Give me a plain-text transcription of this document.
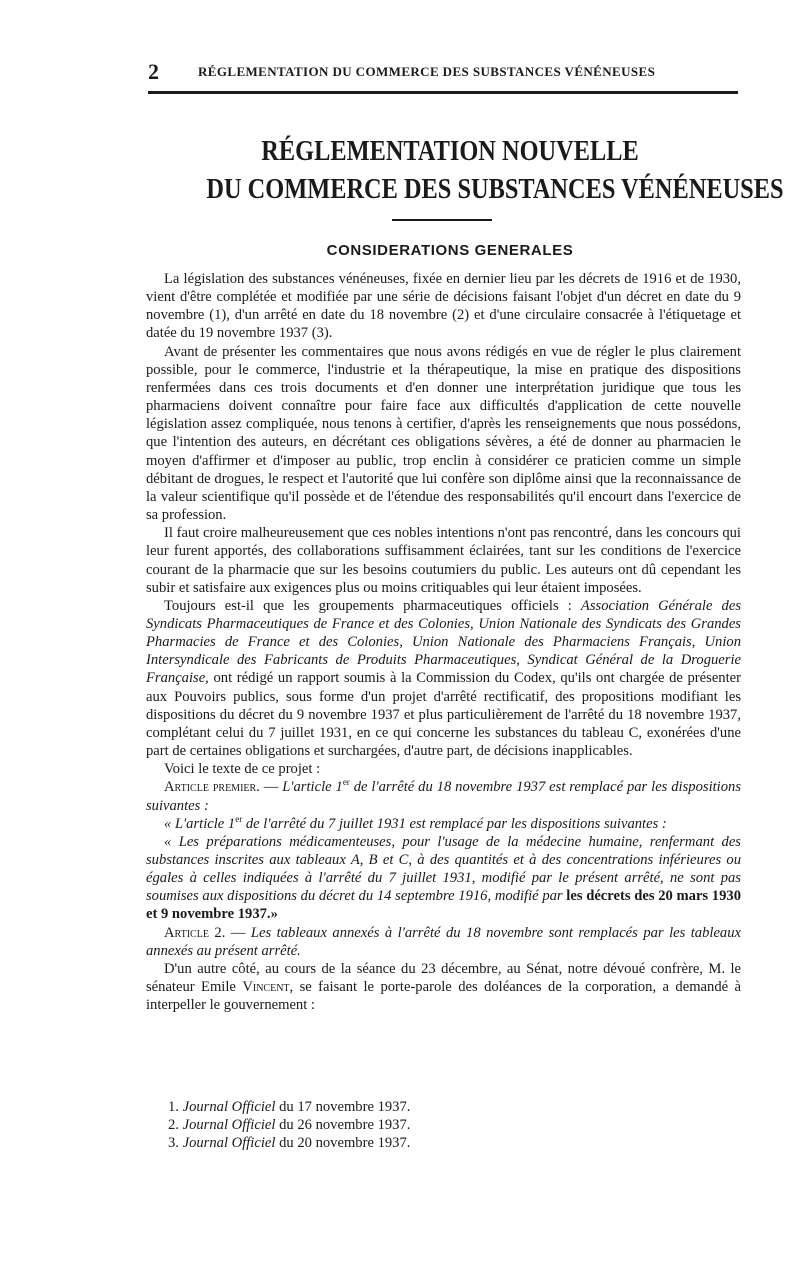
2	RÉGLEMENTATION DU COMMERCE DES SUBSTANCES VÉNÉNEUSES
RÉGLEMENTATION NOUVELLE
DU COMMERCE DES SUBSTANCES VÉNÉNEUSES
CONSIDERATIONS GENERALES

La législation des substances vénéneuses, fixée en dernier lieu par les décrets de 1916 et de 1930, vient d'être complétée et modifiée par une série de décisions faisant l'objet d'un décret en date du 9 novembre (1), d'un arrêté en date du 18 novembre (2) et d'une circulaire consacrée à l'étiquetage et datée du 19 novembre 1937 (3).

Avant de présenter les commentaires que nous avons rédigés en vue de régler le plus clairement possible, pour le commerce, l'industrie et la thérapeutique, la mise en pratique des dispositions renfermées dans ces trois documents et d'en donner une interprétation juridique que tous les pharmaciens doivent connaître pour faire face aux difficultés d'application de cette nouvelle législation assez compliquée, nous tenons à certifier, d'après les renseignements que nous possédons, que l'intention des auteurs, en décrétant ces obligations sévères, a été de donner au pharmacien le moyen d'affirmer et d'imposer au public, trop enclin à considérer ce praticien comme un simple débitant de drogues, le respect et l'autorité que lui confère son diplôme ainsi que la reconnaissance de la valeur scientifique qu'il possède et de l'étendue des responsabilités qu'il encourt dans l'exercice de sa profession.

Il faut croire malheureusement que ces nobles intentions n'ont pas rencontré, dans les concours qui leur furent apportés, des collaborations suffisamment éclairées, tant sur les conditions de l'exercice courant de la pharmacie que sur les besoins coutumiers du public. Les auteurs ont dû cependant les subir et satisfaire aux exigences plus ou moins critiquables qui leur étaient imposées.

Toujours est-il que les groupements pharmaceutiques officiels : Association Générale des Syndicats Pharmaceutiques de France et des Colonies, Union Nationale des Syndicats des Grandes Pharmacies de France et des Colonies, Union Nationale des Pharmaciens Français, Union Intersyndicale des Fabricants de Produits Pharmaceutiques, Syndicat Général de la Droguerie Française, ont rédigé un rapport soumis à la Commission du Codex, qu'ils ont chargée de présenter aux Pouvoirs publics, sous forme d'un projet d'arrêté rectificatif, des propositions modifiant les dispositions du décret du 9 novembre 1937 et plus particulièrement de l'arrêté du 18 novembre 1937, complétant celui du 7 juillet 1931, en ce qui concerne les substances du tableau C, exonérées d'une part de certaines obligations et surchargées, d'autre part, de décisions inapplicables.

Voici le texte de ce projet :

Article premier. — L'article 1er de l'arrêté du 18 novembre 1937 est remplacé par les dispositions suivantes :

« L'article 1er de l'arrêté du 7 juillet 1931 est remplacé par les dispositions suivantes :

« Les préparations médicamenteuses, pour l'usage de la médecine humaine, renfermant des substances inscrites aux tableaux A, B et C, à des quantités et à des concentrations inférieures ou égales à celles indiquées à l'arrêté du 7 juillet 1931, modifié par le présent arrêté, ne sont pas soumises aux dispositions du décret du 14 septembre 1916, modifié par les décrets des 20 mars 1930 et 9 novembre 1937.»

Article 2. — Les tableaux annexés à l'arrêté du 18 novembre sont remplacés par les tableaux annexés au présent arrêté.

D'un autre côté, au cours de la séance du 23 décembre, au Sénat, notre dévoué confrère, M. le sénateur Emile Vincent, se faisant le porte-parole des doléances de la corporation, a demandé à interpeller le gouvernement :

1. Journal Officiel du 17 novembre 1937.
2. Journal Officiel du 26 novembre 1937.
3. Journal Officiel du 20 novembre 1937.
